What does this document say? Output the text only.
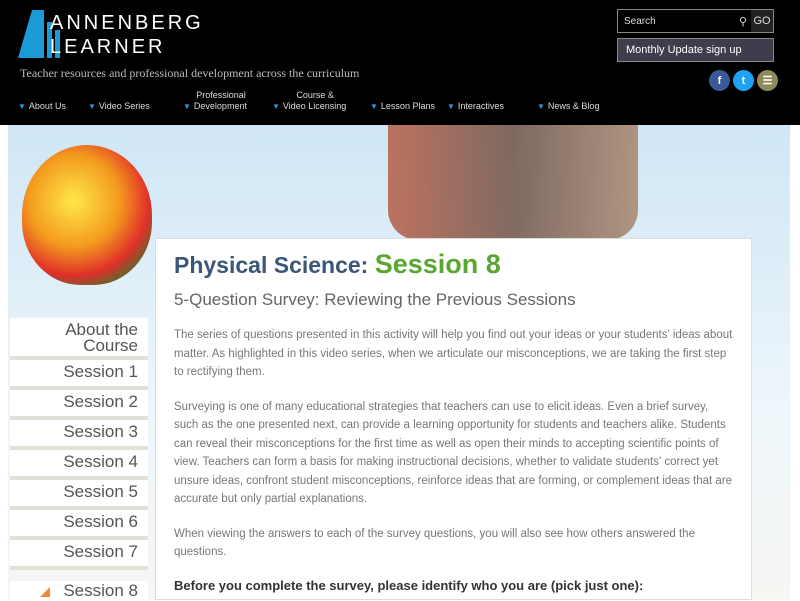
ANNENBERG
LEARNER
Teacher resources and professional development across the curriculum
Search	⚲ GO
Monthly Update sign up
f	t	☰
▼ About Us	▼ Video Series
Professional
▼ Development
Course &
▼ Video Licensing	▼ Lesson Plans ▼ Interactives	▼ News & Blog
About the Course
Session 1
Session 2
Session 3
Session 4
Session 5
Session 6
Session 7
Session 8
Physical Science: Session 8
5-Question Survey: Reviewing the Previous Sessions

The series of questions presented in this activity will help you find out your ideas or your students' ideas about matter. As highlighted in this video series, when we articulate our misconceptions, we are taking the first step to rectifying them.

Surveying is one of many educational strategies that teachers can use to elicit ideas. Even a brief survey, such as the one presented next, can provide a learning opportunity for students and teachers alike. Students can reveal their misconceptions for the first time as well as open their minds to accepting scientific points of view. Teachers can form a basis for making instructional decisions, whether to validate students' correct yet unsure ideas, confront student misconceptions, reinforce ideas that are forming, or complement ideas that are accurate but only partial explanations.

When viewing the answers to each of the survey questions, you will also see how others answered the questions.

Before you complete the survey, please identify who you are (pick just one):
